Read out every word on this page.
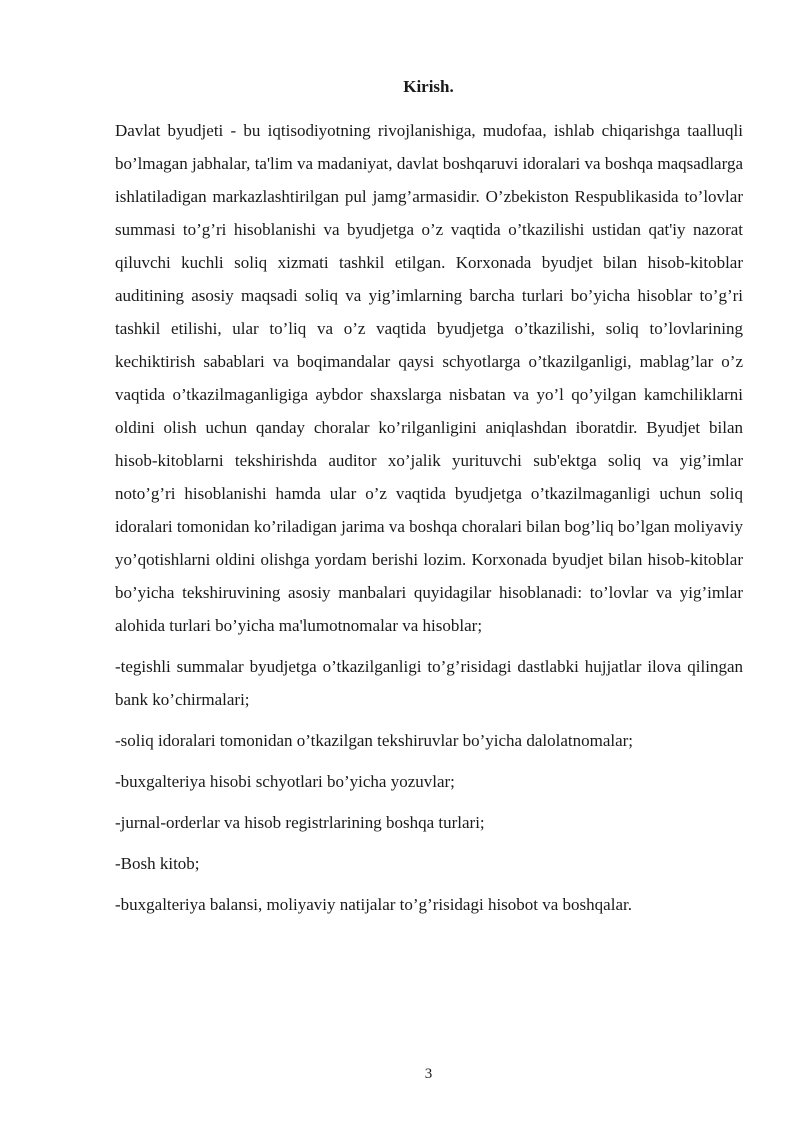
Kirish.

Davlat byudjeti - bu iqtisodiyotning rivojlanishiga, mudofaa, ishlab chiqarishga taalluqli bo’lmagan jabhalar, ta'lim va madaniyat, davlat boshqaruvi idoralari va boshqa maqsadlarga ishlatiladigan markazlashtirilgan pul jamg’armasidir. O’zbekiston Respublikasida to’lovlar summasi to’g’ri hisoblanishi va byudjetga o’z vaqtida o’tkazilishi ustidan qat'iy nazorat qiluvchi kuchli soliq xizmati tashkil etilgan. Korxonada byudjet bilan hisob-kitoblar auditining asosiy maqsadi soliq va yig’imlarning barcha turlari bo’yicha hisoblar to’g’ri tashkil etilishi, ular to’liq va o’z vaqtida byudjetga o’tkazilishi, soliq to’lovlarining kechiktirish sabablari va boqimandalar qaysi schyotlarga o’tkazilganligi, mablag’lar o’z vaqtida o’tkazilmaganligiga aybdor shaxslarga nisbatan va yo’l qo’yilgan kamchiliklarni oldini olish uchun qanday choralar ko’rilganligini aniqlashdan iboratdir. Byudjet bilan hisob-kitoblarni tekshirishda auditor xo’jalik yurituvchi sub'ektga soliq va yig’imlar noto’g’ri hisoblanishi hamda ular o’z vaqtida byudjetga o’tkazilmaganligi uchun soliq idoralari tomonidan ko’riladigan jarima va boshqa choralari bilan bog’liq bo’lgan moliyaviy yo’qotishlarni oldini olishga yordam berishi lozim. Korxonada byudjet bilan hisob-kitoblar bo’yicha tekshiruvining asosiy manbalari quyidagilar hisoblanadi: to’lovlar va yig’imlar alohida turlari bo’yicha ma'lumotnomalar va hisoblar;

-tegishli summalar byudjetga o’tkazilganligi to’g’risidagi dastlabki hujjatlar ilova qilingan bank ko’chirmalari;

-soliq idoralari tomonidan o’tkazilgan tekshiruvlar bo’yicha dalolatnomalar;

-buxgalteriya hisobi schyotlari bo’yicha yozuvlar;

-jurnal-orderlar va hisob registrlarining boshqa turlari;

-Bosh kitob;

-buxgalteriya balansi, moliyaviy natijalar to’g’risidagi hisobot va boshqalar.

3
